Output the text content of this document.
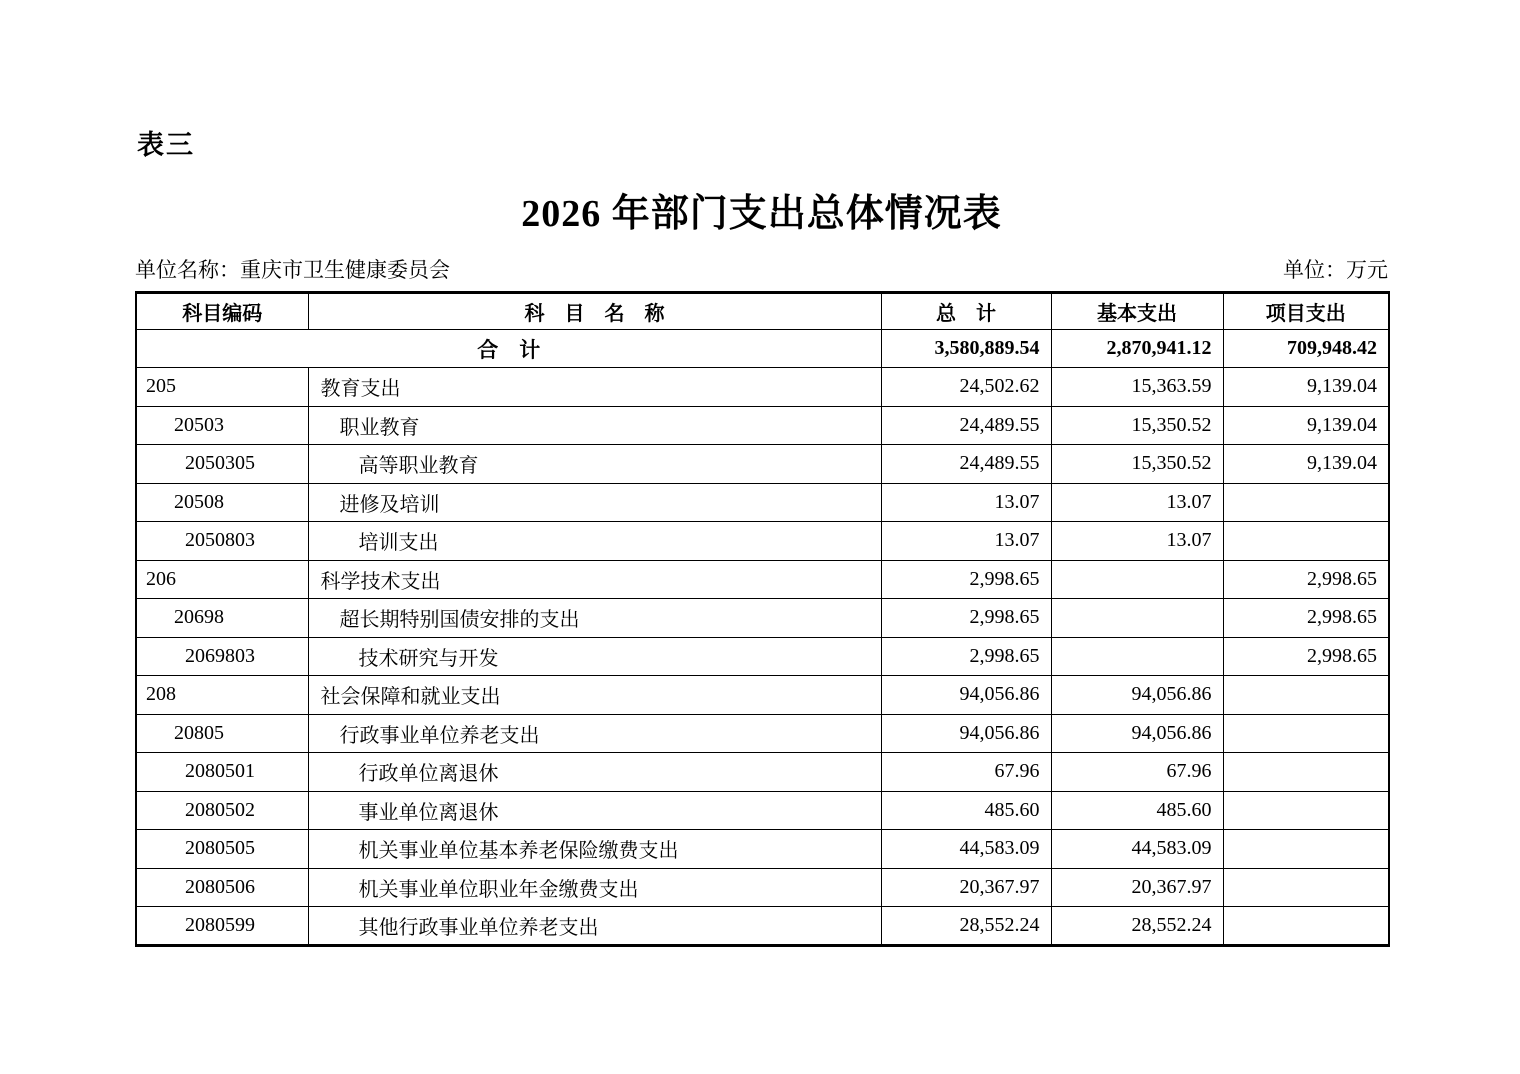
表三
2026 年部门支出总体情况表
单位名称：重庆市卫生健康委员会	单位：万元
科目编码	科　目　名　称	总　计	基本支出	项目支出
合　计		3,580,889.54	2,870,941.12	709,948.42
205	教育支出	24,502.62	15,363.59	9,139.04
20503	职业教育	24,489.55	15,350.52	9,139.04
2050305	高等职业教育	24,489.55	15,350.52	9,139.04
20508	进修及培训	13.07	13.07	
2050803	培训支出	13.07	13.07	
206	科学技术支出	2,998.65		2,998.65
20698	超长期特别国债安排的支出	2,998.65		2,998.65
2069803	技术研究与开发	2,998.65		2,998.65
208	社会保障和就业支出	94,056.86	94,056.86	
20805	行政事业单位养老支出	94,056.86	94,056.86	
2080501	行政单位离退休	67.96	67.96	
2080502	事业单位离退休	485.60	485.60	
2080505	机关事业单位基本养老保险缴费支出	44,583.09	44,583.09	
2080506	机关事业单位职业年金缴费支出	20,367.97	20,367.97	
2080599	其他行政事业单位养老支出	28,552.24	28,552.24	
